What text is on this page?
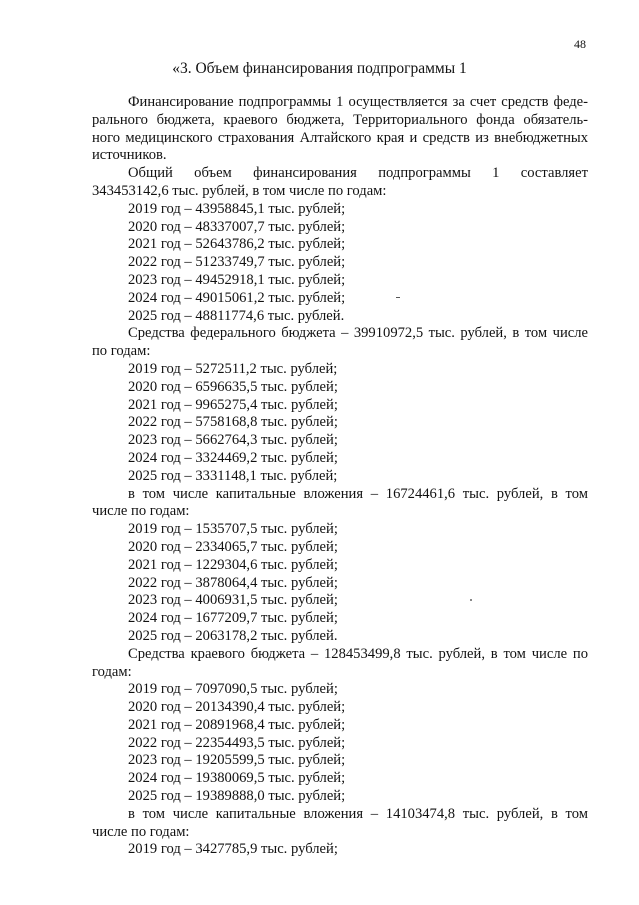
48
«3. Объем финансирования подпрограммы 1

Финансирование подпрограммы 1 осуществляется за счет средств феде-

рального бюджета, краевого бюджета, Территориального фонда обязатель-

ного медицинского страхования Алтайского края и средств из внебюджетных

источников.

Общий объем финансирования подпрограммы 1 составляет

343453142,6 тыс. рублей, в том числе по годам:

2019 год – 43958845,1 тыс. рублей;

2020 год – 48337007,7 тыс. рублей;

2021 год – 52643786,2 тыс. рублей;

2022 год – 51233749,7 тыс. рублей;

2023 год – 49452918,1 тыс. рублей;

2024 год – 49015061,2 тыс. рублей;

2025 год – 48811774,6 тыс. рублей.

Средства федерального бюджета – 39910972,5 тыс. рублей, в том числе

по годам:

2019 год – 5272511,2 тыс. рублей;

2020 год – 6596635,5 тыс. рублей;

2021 год – 9965275,4 тыс. рублей;

2022 год – 5758168,8 тыс. рублей;

2023 год – 5662764,3 тыс. рублей;

2024 год – 3324469,2 тыс. рублей;

2025 год – 3331148,1 тыс. рублей;

в том числе капитальные вложения – 16724461,6 тыс. рублей, в том

числе по годам:

2019 год – 1535707,5 тыс. рублей;

2020 год – 2334065,7 тыс. рублей;

2021 год – 1229304,6 тыс. рублей;

2022 год – 3878064,4 тыс. рублей;

2023 год – 4006931,5 тыс. рублей;

2024 год – 1677209,7 тыс. рублей;

2025 год – 2063178,2 тыс. рублей.

Средства краевого бюджета – 128453499,8 тыс. рублей, в том числе по

годам:

2019 год – 7097090,5 тыс. рублей;

2020 год – 20134390,4 тыс. рублей;

2021 год – 20891968,4 тыс. рублей;

2022 год – 22354493,5 тыс. рублей;

2023 год – 19205599,5 тыс. рублей;

2024 год – 19380069,5 тыс. рублей;

2025 год – 19389888,0 тыс. рублей;

в том числе капитальные вложения – 14103474,8 тыс. рублей, в том

числе по годам:

2019 год – 3427785,9 тыс. рублей;
